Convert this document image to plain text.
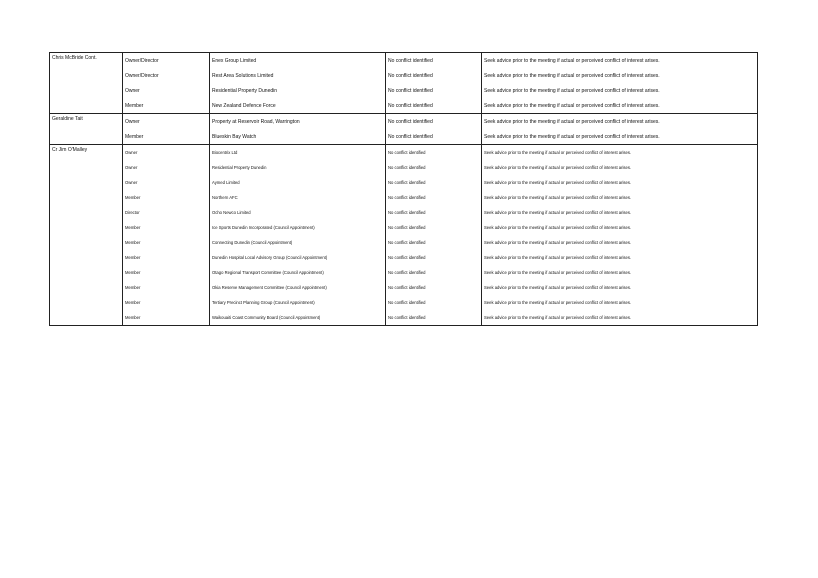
Chris McBride Cont.	Owner/Director	Enex Group Limited	No conflict identified	Seek advice prior to the meeting if actual or perceived conflict of interest arises.
	Owner/Director	Rest Area Solutions Limited	No conflict identified	Seek advice prior to the meeting if actual or perceived conflict of interest arises.
	Owner	Residential Property Dunedin	No conflict identified	Seek advice prior to the meeting if actual or perceived conflict of interest arises.
	Member	New Zealand Defence Force	No conflict identified	Seek advice prior to the meeting if actual or perceived conflict of interest arises.
Geraldine Tait	Owner	Property at Reservoir Road, Warrington	No conflict identified	Seek advice prior to the meeting if actual or perceived conflict of interest arises.
	Member	Blueskin Bay Watch	No conflict identified	Seek advice prior to the meeting if actual or perceived conflict of interest arises.
Cr Jim O'Malley	Owner	Biocentrix Ltd	No conflict identified	Seek advice prior to the meeting if actual or perceived conflict of interest arises.
	Owner	Residential Property Dunedin	No conflict identified	Seek advice prior to the meeting if actual or perceived conflict of interest arises.
	Owner	Aymed Limited	No conflict identified	Seek advice prior to the meeting if actual or perceived conflict of interest arises.
	Member	Northern AFC	No conflict identified	Seek advice prior to the meeting if actual or perceived conflict of interest arises.
	Director	Ocho Newco Limited	No conflict identified	Seek advice prior to the meeting if actual or perceived conflict of interest arises.
	Member	Ice Sports Dunedin Incorporated (Council Appointment)	No conflict identified	Seek advice prior to the meeting if actual or perceived conflict of interest arises.
	Member	Connecting Dunedin (Council Appointment)	No conflict identified	Seek advice prior to the meeting if actual or perceived conflict of interest arises.
	Member	Dunedin Hospital Local Advisory Group (Council Appointment)	No conflict identified	Seek advice prior to the meeting if actual or perceived conflict of interest arises.
	Member	Otago Regional Transport Committee (Council Appointment)	No conflict identified	Seek advice prior to the meeting if actual or perceived conflict of interest arises.
	Member	Okia Reserve Management Committee (Council Appointment)	No conflict identified	Seek advice prior to the meeting if actual or perceived conflict of interest arises.
	Member	Tertiary Precinct Planning Group (Council Appointment)	No conflict identified	Seek advice prior to the meeting if actual or perceived conflict of interest arises.
	Member	Waikouaiti Coast Community Board (Council Appointment)	No conflict identified	Seek advice prior to the meeting if actual or perceived conflict of interest arises.
